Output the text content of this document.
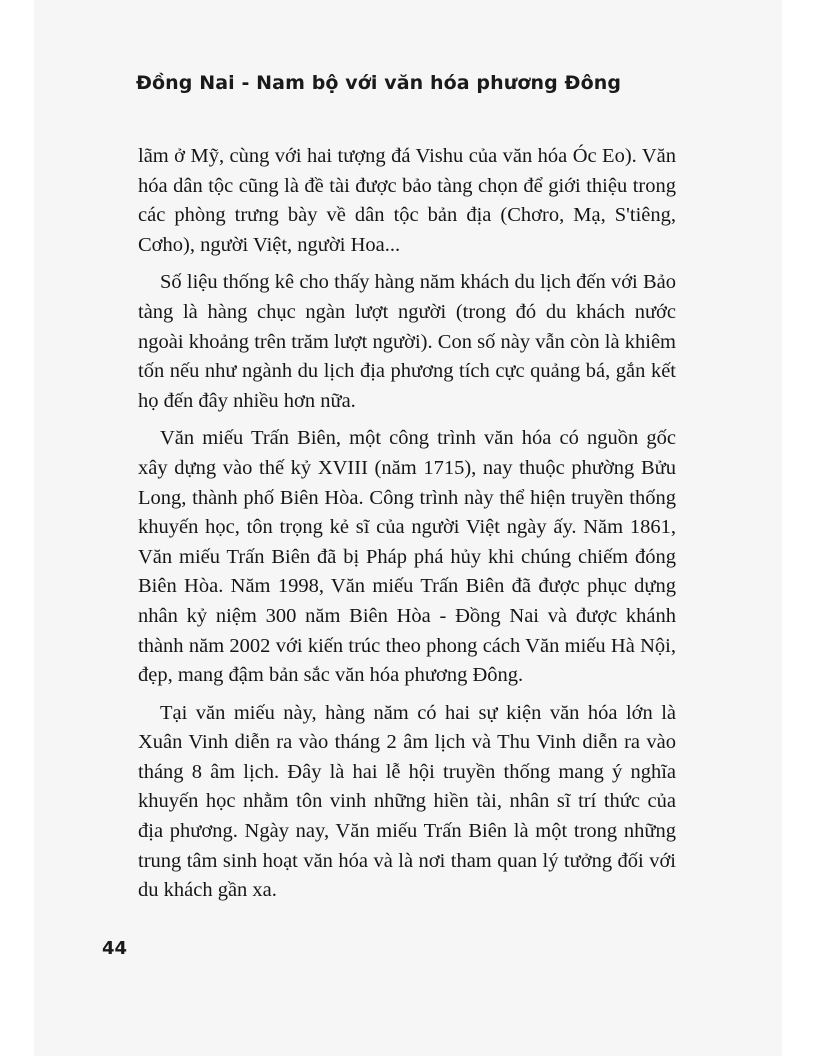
Đồng Nai - Nam bộ với văn hóa phương Đông

lãm ở Mỹ, cùng với hai tượng đá Vishu của văn hóa Óc Eo). Văn hóa dân tộc cũng là đề tài được bảo tàng chọn để giới thiệu trong các phòng trưng bày về dân tộc bản địa (Chơro, Mạ, S'tiêng, Cơho), người Việt, người Hoa...

Số liệu thống kê cho thấy hàng năm khách du lịch đến với Bảo tàng là hàng chục ngàn lượt người (trong đó du khách nước ngoài khoảng trên trăm lượt người). Con số này vẫn còn là khiêm tốn nếu như ngành du lịch địa phương tích cực quảng bá, gắn kết họ đến đây nhiều hơn nữa.

Văn miếu Trấn Biên, một công trình văn hóa có nguồn gốc xây dựng vào thế kỷ XVIII (năm 1715), nay thuộc phường Bửu Long, thành phố Biên Hòa. Công trình này thể hiện truyền thống khuyến học, tôn trọng kẻ sĩ của người Việt ngày ấy. Năm 1861, Văn miếu Trấn Biên đã bị Pháp phá hủy khi chúng chiếm đóng Biên Hòa. Năm 1998, Văn miếu Trấn Biên đã được phục dựng nhân kỷ niệm 300 năm Biên Hòa - Đồng Nai và được khánh thành năm 2002 với kiến trúc theo phong cách Văn miếu Hà Nội, đẹp, mang đậm bản sắc văn hóa phương Đông.

Tại văn miếu này, hàng năm có hai sự kiện văn hóa lớn là Xuân Vinh diễn ra vào tháng 2 âm lịch và Thu Vinh diễn ra vào tháng 8 âm lịch. Đây là hai lễ hội truyền thống mang ý nghĩa khuyến học nhằm tôn vinh những hiền tài, nhân sĩ trí thức của địa phương. Ngày nay, Văn miếu Trấn Biên là một trong những trung tâm sinh hoạt văn hóa và là nơi tham quan lý tưởng đối với du khách gần xa.

44
